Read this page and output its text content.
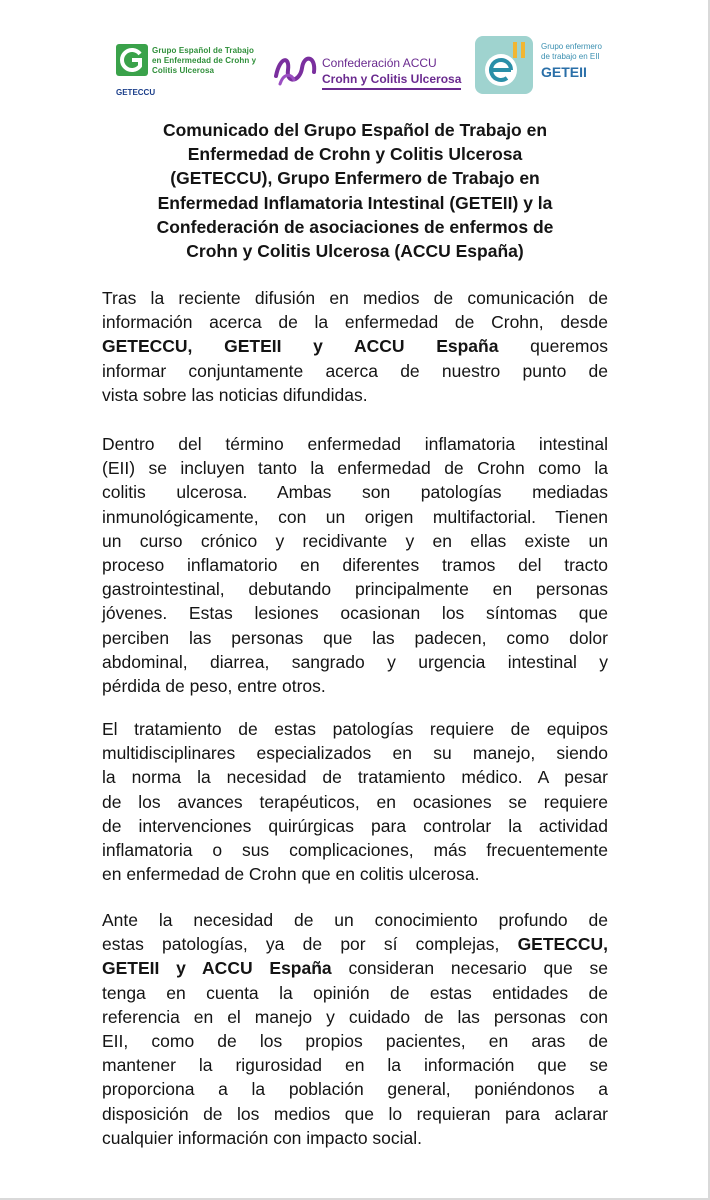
Grupo Español de Trabajo
en Enfermedad de Crohn y
Colitis Ulcerosa
GETECCU
Confederación ACCU
Crohn y Colitis Ulcerosa
Grupo enfermero
de trabajo en EII
GETEII
Comunicado del Grupo Español de Trabajo en
Enfermedad de Crohn y Colitis Ulcerosa
(GETECCU), Grupo Enfermero de Trabajo en
Enfermedad Inflamatoria Intestinal (GETEII) y la
Confederación de asociaciones de enfermos de
Crohn y Colitis Ulcerosa (ACCU España)
Tras la reciente difusión en medios de comunicación de
información acerca de la enfermedad de Crohn, desde
GETECCU, GETEII y ACCU España queremos
informar conjuntamente acerca de nuestro punto de
vista sobre las noticias difundidas.
Dentro del término enfermedad inflamatoria intestinal
(EII) se incluyen tanto la enfermedad de Crohn como la
colitis ulcerosa. Ambas son patologías mediadas
inmunológicamente, con un origen multifactorial. Tienen
un curso crónico y recidivante y en ellas existe un
proceso inflamatorio en diferentes tramos del tracto
gastrointestinal, debutando principalmente en personas
jóvenes. Estas lesiones ocasionan los síntomas que
perciben las personas que las padecen, como dolor
abdominal, diarrea, sangrado y urgencia intestinal y
pérdida de peso, entre otros.
El tratamiento de estas patologías requiere de equipos
multidisciplinares especializados en su manejo, siendo
la norma la necesidad de tratamiento médico. A pesar
de los avances terapéuticos, en ocasiones se requiere
de intervenciones quirúrgicas para controlar la actividad
inflamatoria o sus complicaciones, más frecuentemente
en enfermedad de Crohn que en colitis ulcerosa.
Ante la necesidad de un conocimiento profundo de
estas patologías, ya de por sí complejas, GETECCU,
GETEII y ACCU España consideran necesario que se
tenga en cuenta la opinión de estas entidades de
referencia en el manejo y cuidado de las personas con
EII, como de los propios pacientes, en aras de
mantener la rigurosidad en la información que se
proporciona a la población general, poniéndonos a
disposición de los medios que lo requieran para aclarar
cualquier información con impacto social.
